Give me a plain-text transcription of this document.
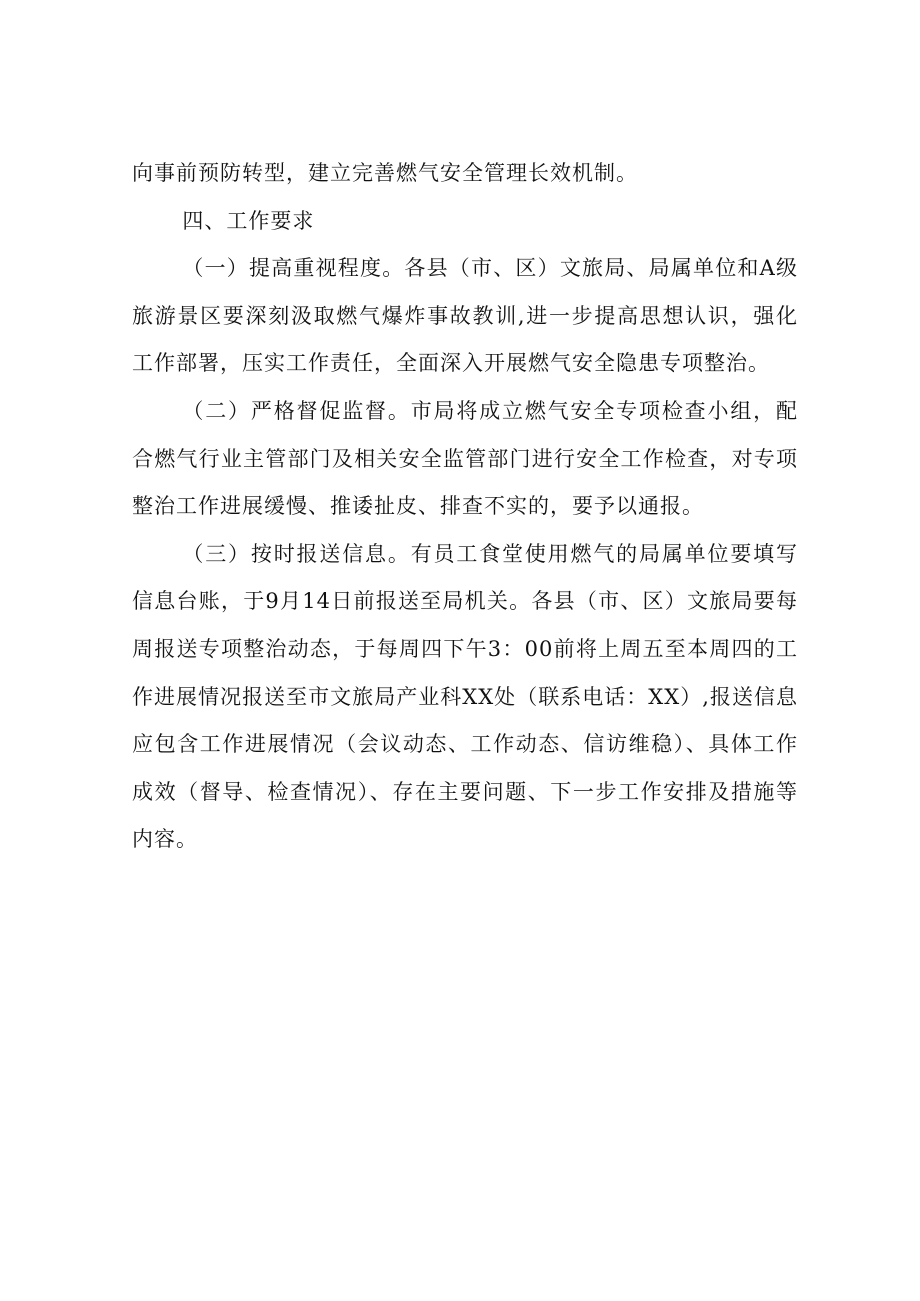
向事前预防转型，建立完善燃气安全管理长效机制。

四、工作要求

（一）提高重视程度。各县（市、区）文旅局、局属单位和A级旅游景区要深刻汲取燃气爆炸事故教训,进一步提高思想认识，强化工作部署，压实工作责任，全面深入开展燃气安全隐患专项整治。

（二）严格督促监督。市局将成立燃气安全专项检查小组，配合燃气行业主管部门及相关安全监管部门进行安全工作检查，对专项整治工作进展缓慢、推诿扯皮、排查不实的，要予以通报。

（三）按时报送信息。有员工食堂使用燃气的局属单位要填写信息台账，于9月14日前报送至局机关。各县（市、区）文旅局要每周报送专项整治动态，于每周四下午3：00前将上周五至本周四的工作进展情况报送至市文旅局产业科XX处（联系电话：XX）,报送信息应包含工作进展情况（会议动态、工作动态、信访维稳）、具体工作成效（督导、检查情况）、存在主要问题、下一步工作安排及措施等内容。
